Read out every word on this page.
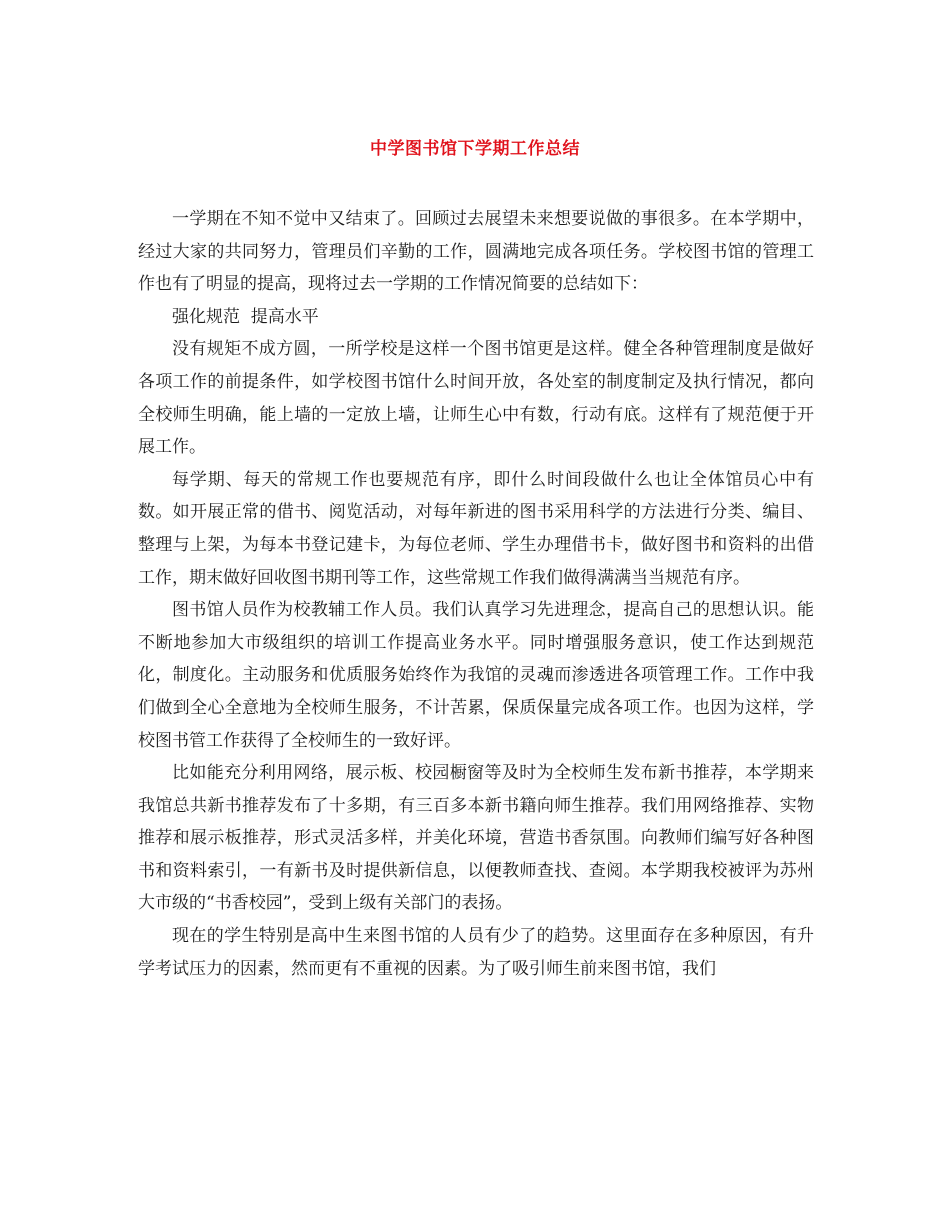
中学图书馆下学期工作总结

一学期在不知不觉中又结束了。回顾过去展望未来想要说做的事很多。在本学期中，经过大家的共同努力，管理员们辛勤的工作，圆满地完成各项任务。学校图书馆的管理工作也有了明显的提高，现将过去一学期的工作情况简要的总结如下：

强化规范  提高水平

没有规矩不成方圆，一所学校是这样一个图书馆更是这样。健全各种管理制度是做好各项工作的前提条件，如学校图书馆什么时间开放，各处室的制度制定及执行情况，都向全校师生明确，能上墙的一定放上墙，让师生心中有数，行动有底。这样有了规范便于开展工作。

每学期、每天的常规工作也要规范有序，即什么时间段做什么也让全体馆员心中有数。如开展正常的借书、阅览活动，对每年新进的图书采用科学的方法进行分类、编目、整理与上架，为每本书登记建卡，为每位老师、学生办理借书卡，做好图书和资料的出借工作，期末做好回收图书期刊等工作，这些常规工作我们做得满满当当规范有序。

图书馆人员作为校教辅工作人员。我们认真学习先进理念，提高自己的思想认识。能不断地参加大市级组织的培训工作提高业务水平。同时增强服务意识，使工作达到规范化，制度化。主动服务和优质服务始终作为我馆的灵魂而渗透进各项管理工作。工作中我们做到全心全意地为全校师生服务，不计苦累，保质保量完成各项工作。也因为这样，学校图书管工作获得了全校师生的一致好评。

比如能充分利用网络，展示板、校园橱窗等及时为全校师生发布新书推荐，本学期来我馆总共新书推荐发布了十多期，有三百多本新书籍向师生推荐。我们用网络推荐、实物推荐和展示板推荐，形式灵活多样，并美化环境，营造书香氛围。向教师们编写好各种图书和资料索引，一有新书及时提供新信息，以便教师查找、查阅。本学期我校被评为苏州大市级的“书香校园”，受到上级有关部门的表扬。

现在的学生特别是高中生来图书馆的人员有少了的趋势。这里面存在多种原因，有升学考试压力的因素，然而更有不重视的因素。为了吸引师生前来图书馆，我们
